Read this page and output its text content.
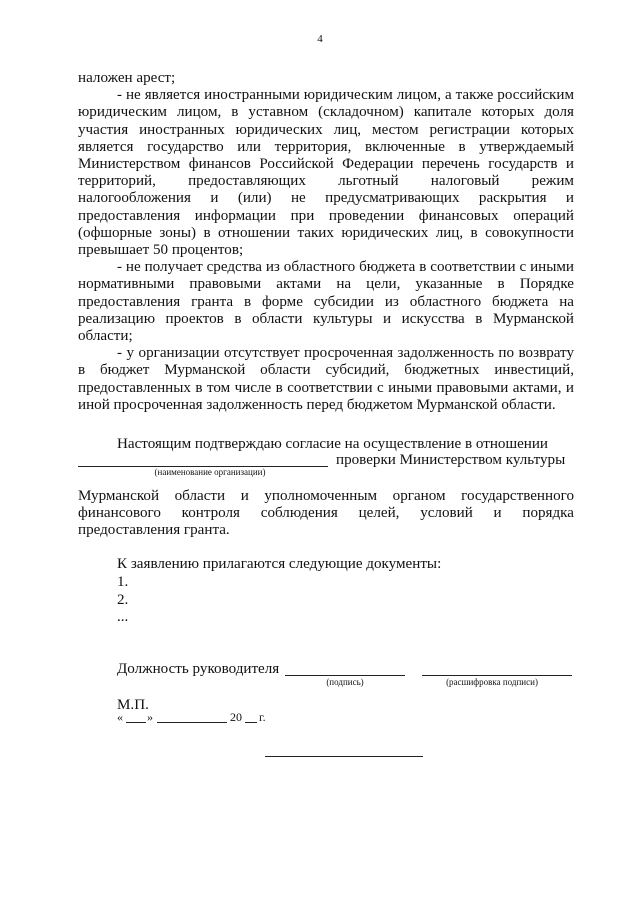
4

наложен арест;

- не является иностранными юридическим лицом, а также российским юридическим лицом, в уставном (складочном) капитале которых доля участия иностранных юридических лиц, местом регистрации которых является государство или территория, включенные в утверждаемый Министерством финансов Российской Федерации перечень государств и территорий, предоставляющих льготный налоговый режим налогообложения и (или) не предусматривающих раскрытия и предоставления информации при проведении финансовых операций (офшорные зоны) в отношении таких юридических лиц, в совокупности превышает 50 процентов;

- не получает средства из областного бюджета в соответствии с иными нормативными правовыми актами на цели, указанные в Порядке предоставления гранта в форме субсидии из областного бюджета на реализацию проектов в области культуры и искусства в Мурманской области;

- у организации отсутствует просроченная задолженность по возврату в бюджет Мурманской области субсидий, бюджетных инвестиций, предоставленных в том числе в соответствии с иными правовыми актами, и иной просроченная задолженность перед бюджетом Мурманской области.

Настоящим подтверждаю согласие на осуществление в отношении

проверки Министерством культуры
(наименование организации)

Мурманской области и уполномоченным органом государственного финансового контроля соблюдения целей, условий и порядка предоставления гранта.

К заявлению прилагаются следующие документы:
1.
2.
...
Должность руководителя
(подпись)	(расшифровка подписи)
М.П.
« »	20 г.
